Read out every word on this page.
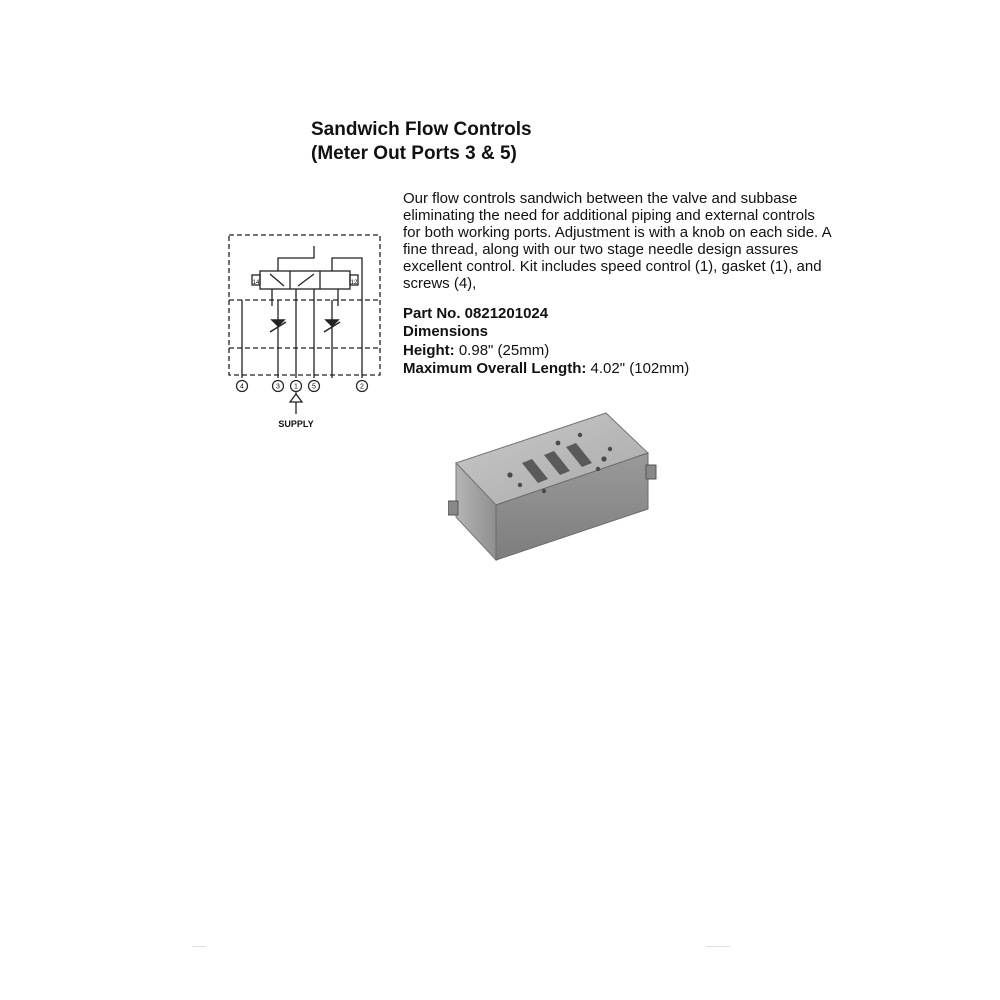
Sandwich Flow Controls
(Meter Out Ports 3 & 5)

Our flow controls sandwich between the valve and subbase eliminating the need for additional piping and external controls for both working ports. Adjustment is with a knob on each side. A fine thread, along with our two stage needle design assures excellent control. Kit includes speed control (1), gasket (1), and screws (4),

Part No. 0821201024
Dimensions
Height: 0.98" (25mm)
Maximum Overall Length: 4.02" (102mm)
14	12
4	3 1 5	2
SUPPLY
